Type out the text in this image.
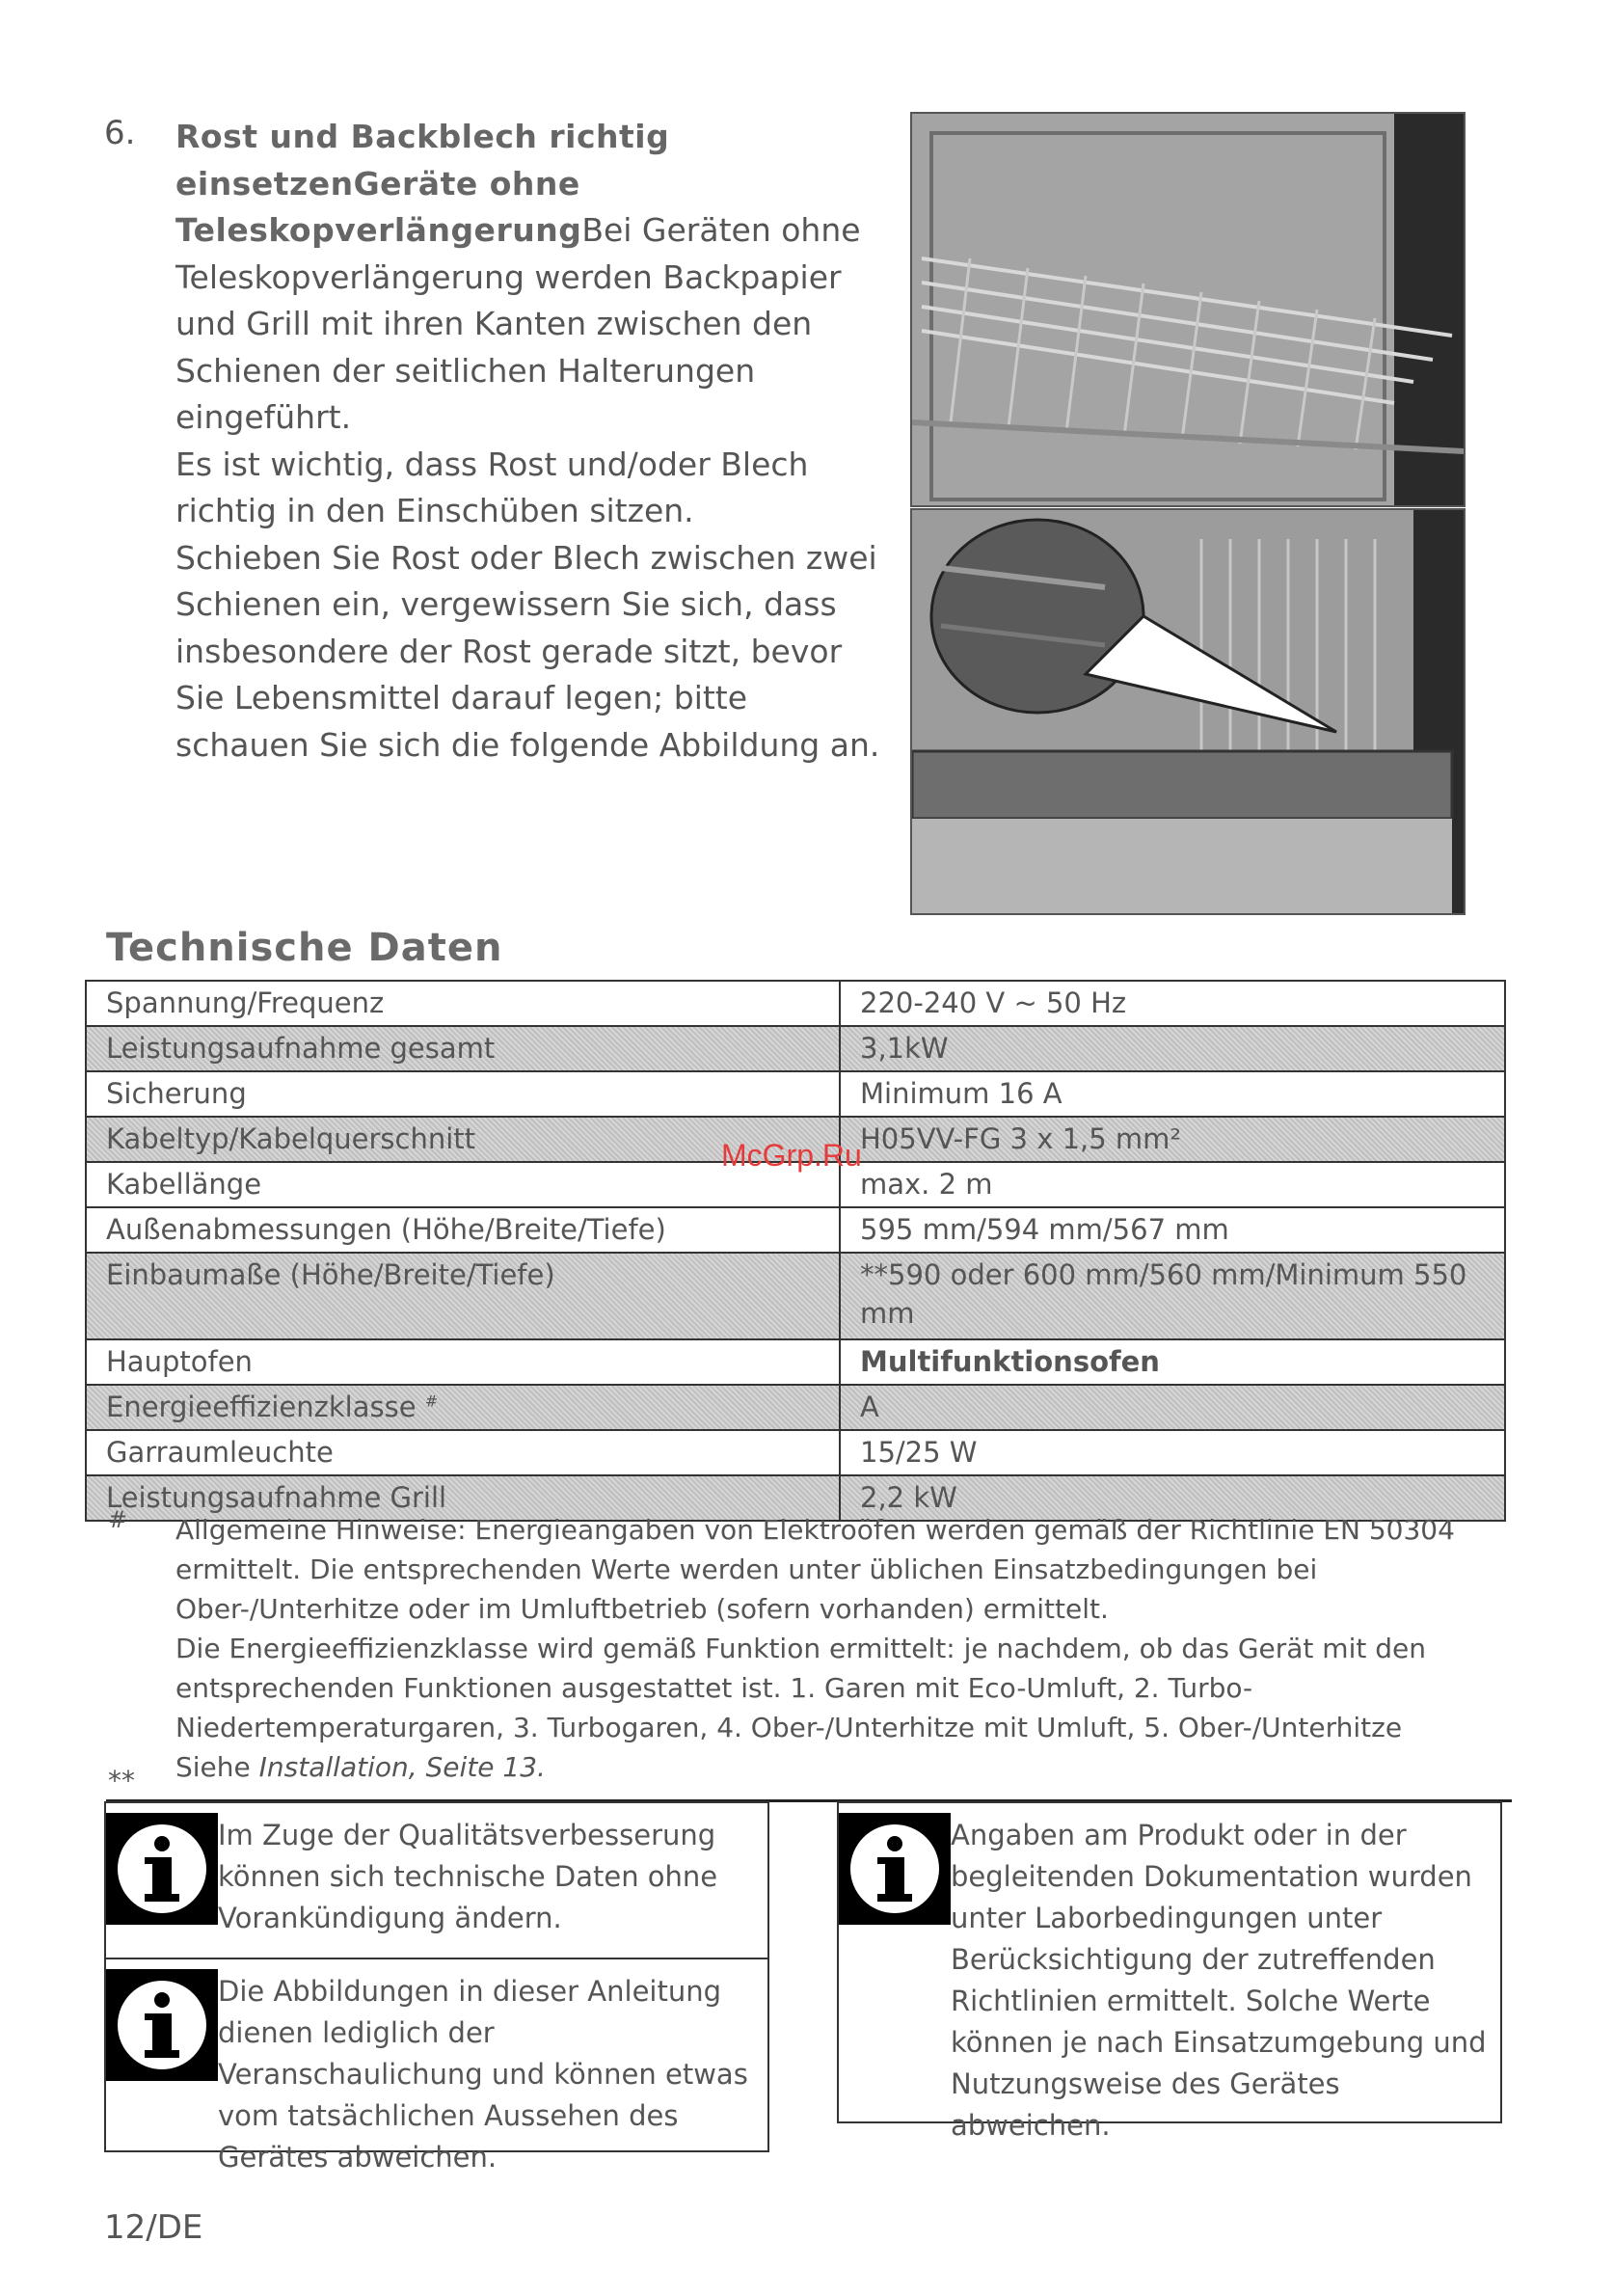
6. Rost und Backblech richtig einsetzenGeräte ohne TeleskopverlängerungBei Geräten ohne Teleskopverlängerung werden Backpapier und Grill mit ihren Kanten zwischen den Schienen der seitlichen Halterungen eingeführt.
Es ist wichtig, dass Rost und/oder Blech richtig in den Einschüben sitzen.
Schieben Sie Rost oder Blech zwischen zwei Schienen ein, vergewissern Sie sich, dass insbesondere der Rost gerade sitzt, bevor Sie Lebensmittel darauf legen; bitte schauen Sie sich die folgende Abbildung an.
Technische Daten
Spannung/Frequenz	220-240 V ~ 50 Hz
Leistungsaufnahme gesamt	3,1kW
Sicherung	Minimum 16 A
Kabeltyp/Kabelquerschnitt	H05VV-FG 3 x 1,5 mm²
Kabellänge	max. 2 m
Außenabmessungen (Höhe/Breite/Tiefe)	595 mm/594 mm/567 mm
Einbaumaße (Höhe/Breite/Tiefe)	**590 oder 600 mm/560 mm/Minimum 550 mm
Hauptofen	Multifunktionsofen
Energieeffizienzklasse #	A
Garraumleuchte	15/25 W
Leistungsaufnahme Grill	2,2 kW
McGrp.Ru
#
**

Allgemeine Hinweise: Energieangaben von Elektroöfen werden gemäß der Richtlinie EN 50304 ermittelt. Die entsprechenden Werte werden unter üblichen Einsatzbedingungen bei Ober-/Unterhitze oder im Umluftbetrieb (sofern vorhanden) ermittelt.

Die Energieeffizienzklasse wird gemäß Funktion ermittelt: je nachdem, ob das Gerät mit den entsprechenden Funktionen ausgestattet ist. 1. Garen mit Eco-Umluft, 2. Turbo-Niedertemperaturgaren, 3. Turbogaren, 4. Ober-/Unterhitze mit Umluft, 5. Ober-/Unterhitze

Siehe Installation, Seite 13.

Im Zuge der Qualitätsverbesserung können sich technische Daten ohne Vorankündigung ändern.
Die Abbildungen in dieser Anleitung dienen lediglich der Veranschaulichung und können etwas vom tatsächlichen Aussehen des Gerätes abweichen.
Angaben am Produkt oder in der begleitenden Dokumentation wurden unter Laborbedingungen unter Berücksichtigung der zutreffenden Richtlinien ermittelt. Solche Werte können je nach Einsatzumgebung und Nutzungsweise des Gerätes abweichen.
12/DE
